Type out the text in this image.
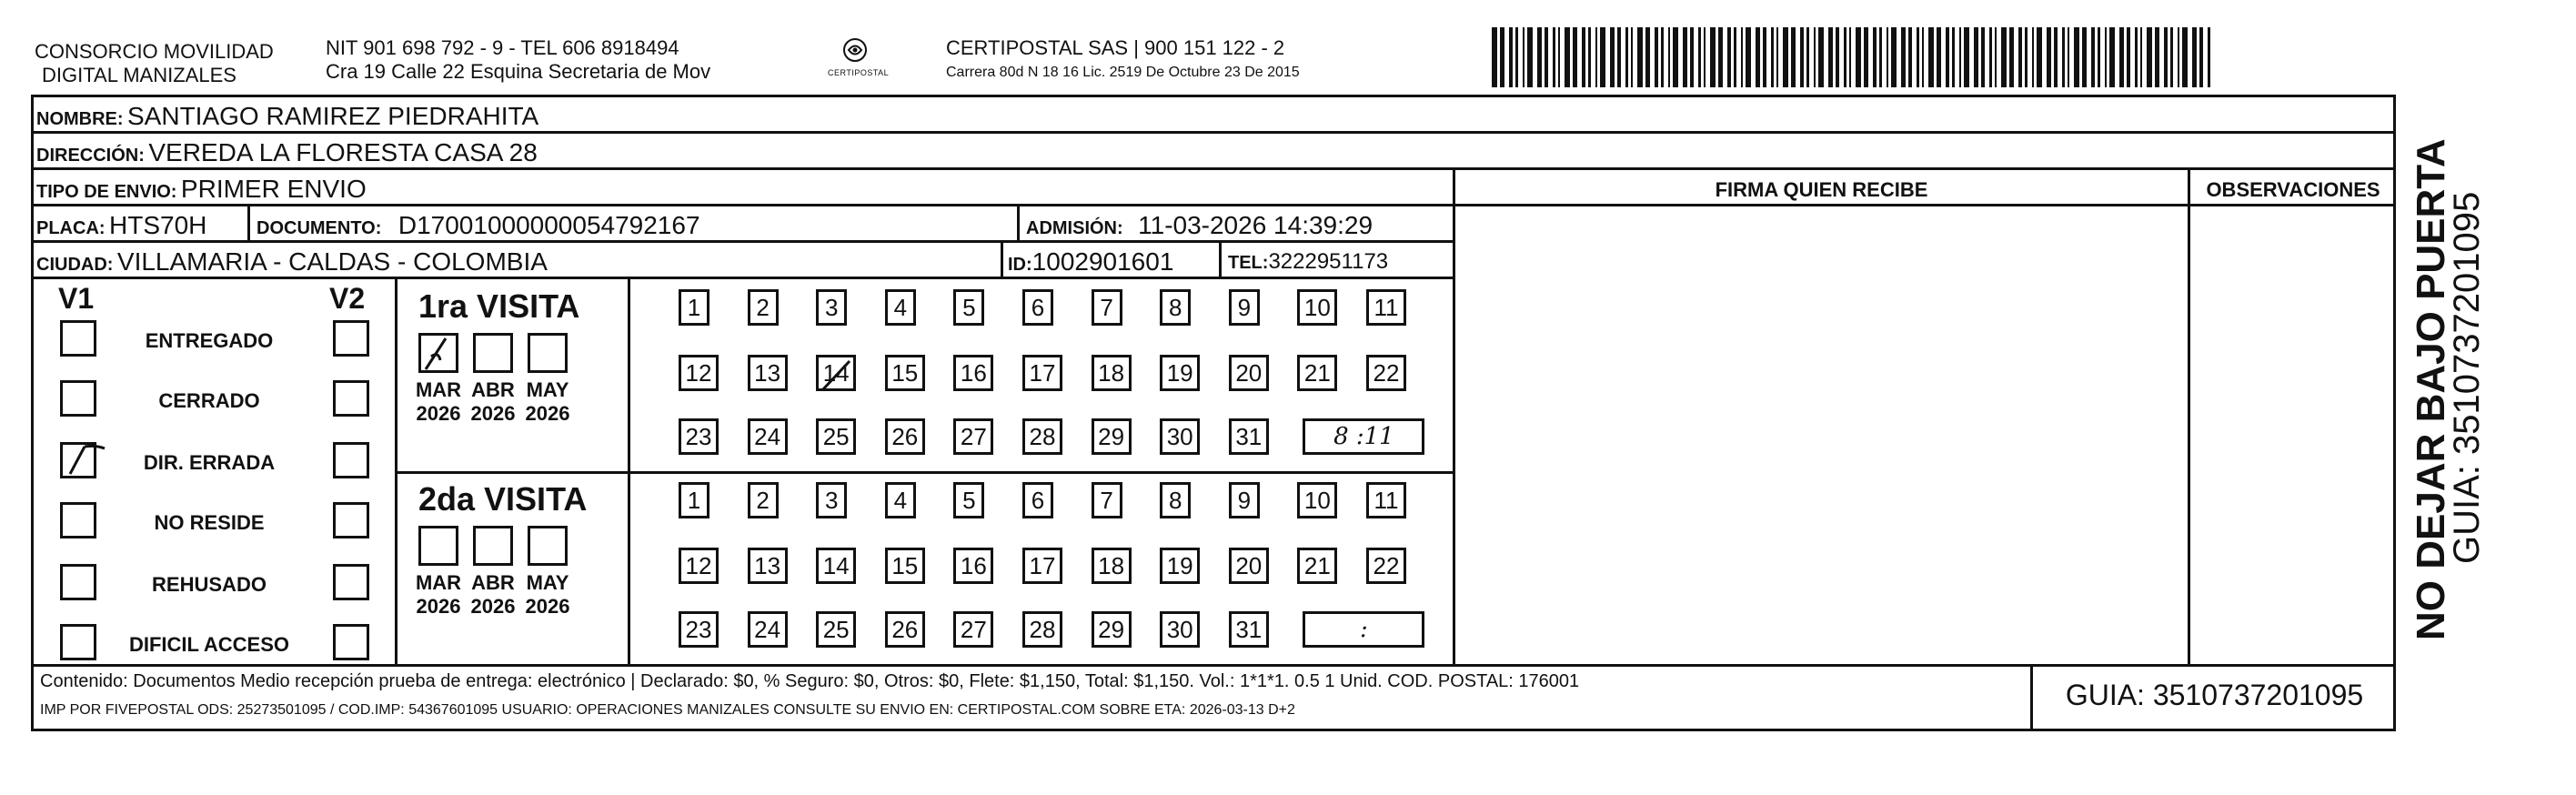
CONSORCIO MOVILIDAD
DIGITAL MANIZALES
NIT 901 698 792 - 9 - TEL 606 8918494
Cra 19 Calle 22 Esquina Secretaria de Mov	CERTIPOSTAL
CERTIPOSTAL SAS | 900 151 122 - 2
Carrera 80d N 18 16 Lic. 2519 De Octubre 23 De 2015
NOMBRE: SANTIAGO RAMIREZ PIEDRAHITA
DIRECCIÓN: VEREDA LA FLORESTA CASA 28
TIPO DE ENVIO: PRIMER ENVIO
PLACA: HTS70H	DOCUMENTO: D17001000000054792167	ADMISIÓN: 11-03-2026 14:39:29
CIUDAD: VILLAMARIA - CALDAS - COLOMBIA	ID:1002901601	TEL:3222951173
FIRMA QUIEN RECIBE	OBSERVACIONES
V1	V2
ENTREGADO
CERRADO
DIR. ERRADA
NO RESIDE
REHUSADO
DIFICIL ACCESO
1ra VISITA
MAR
2026
ABR
2026
MAY
2026
1	2	3	4	5	6	7	8	9	10	11
12 13 14 15 16 17 18 19 20 21 22
23 24 25 26 27 28 29 30 31	8 :11
2da VISITA
MAR
2026
ABR
2026
MAY
2026
1	2	3	4	5	6	7	8	9	10	11
12 13 14 15 16 17 18 19 20 21 22
23 24 25 26 27 28 29 30 31	:
Contenido: Documentos Medio recepción prueba de entrega: electrónico | Declarado: $0, % Seguro: $0, Otros: $0, Flete: $1,150, Total: $1,150. Vol.: 1*1*1. 0.5 1 Unid. COD. POSTAL: 176001
IMP POR FIVEPOSTAL ODS: 25273501095 / COD.IMP: 54367601095 USUARIO: OPERACIONES MANIZALES CONSULTE SU ENVIO EN: CERTIPOSTAL.COM SOBRE ETA: 2026-03-13 D+2	GUIA: 3510737201095
NO DEJAR BAJO PUERTA
GUIA: 3510737201095
